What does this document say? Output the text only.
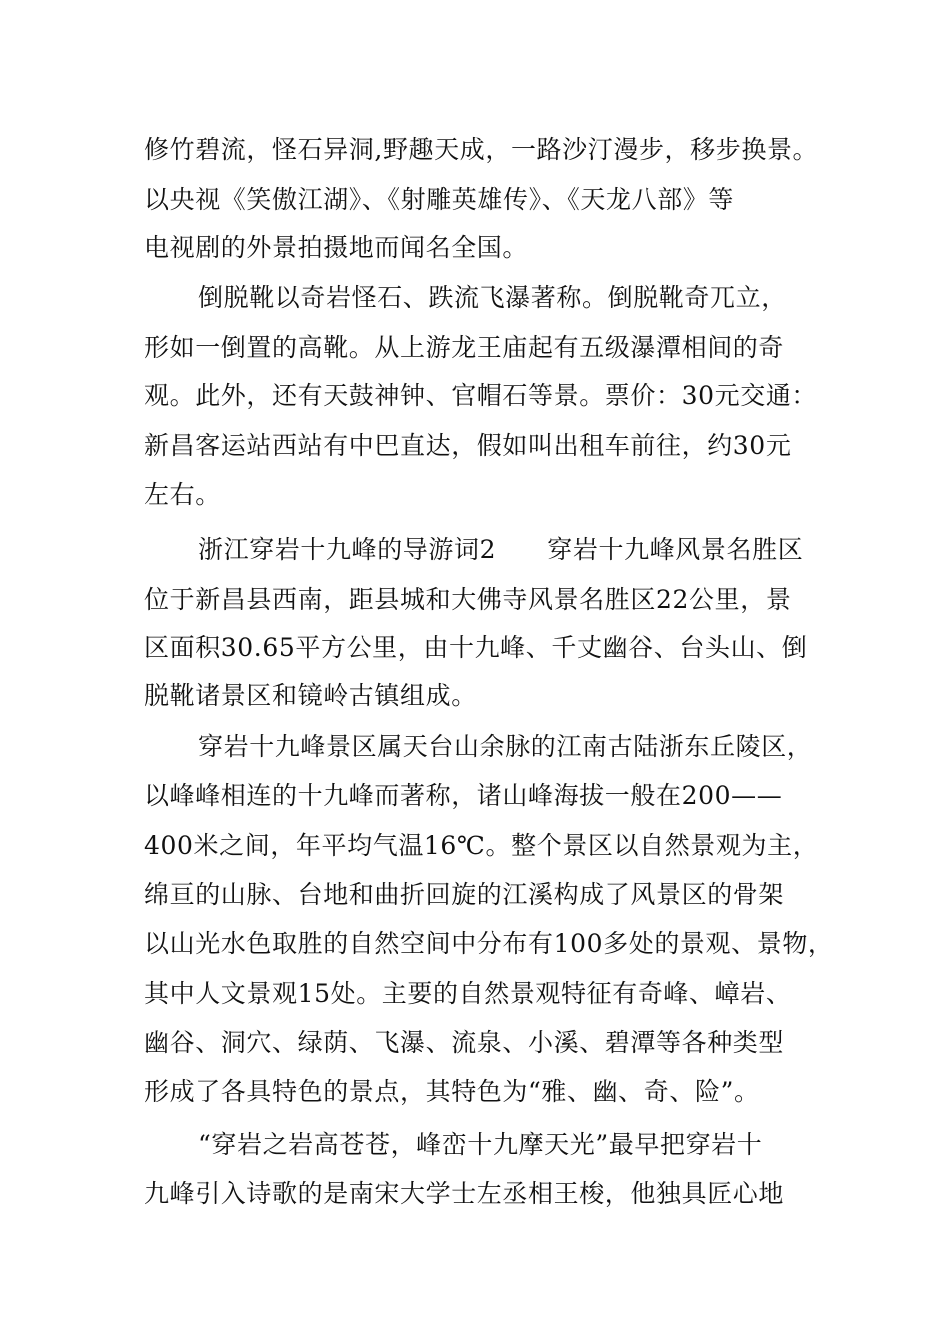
修竹碧流，怪石异洞,野趣天成，一路沙汀漫步，移步换景。
以央视《笑傲江湖》、《射雕英雄传》、《天龙八部》等
电视剧的外景拍摄地而闻名全国。
倒脱靴以奇岩怪石、跌流飞瀑著称。倒脱靴奇兀立，
形如一倒置的高靴。从上游龙王庙起有五级瀑潭相间的奇
观。此外，还有天鼓神钟、官帽石等景。票价：30元交通：
新昌客运站西站有中巴直达，假如叫出租车前往，约30元
左右。
浙江穿岩十九峰的导游词2　　穿岩十九峰风景名胜区
位于新昌县西南，距县城和大佛寺风景名胜区22公里，景
区面积30.65平方公里，由十九峰、千丈幽谷、台头山、倒
脱靴诸景区和镜岭古镇组成。
穿岩十九峰景区属天台山余脉的江南古陆浙东丘陵区，
以峰峰相连的十九峰而著称，诸山峰海拔一般在200——
400米之间，年平均气温16℃。整个景区以自然景观为主，
绵亘的山脉、台地和曲折回旋的江溪构成了风景区的骨架
以山光水色取胜的自然空间中分布有100多处的景观、景物，
其中人文景观15处。主要的自然景观特征有奇峰、嶂岩、
幽谷、洞穴、绿荫、飞瀑、流泉、小溪、碧潭等各种类型
形成了各具特色的景点，其特色为“雅、幽、奇、险”。
“穿岩之岩高苍苍，峰峦十九摩天光”最早把穿岩十
九峰引入诗歌的是南宋大学士左丞相王梭，他独具匠心地
